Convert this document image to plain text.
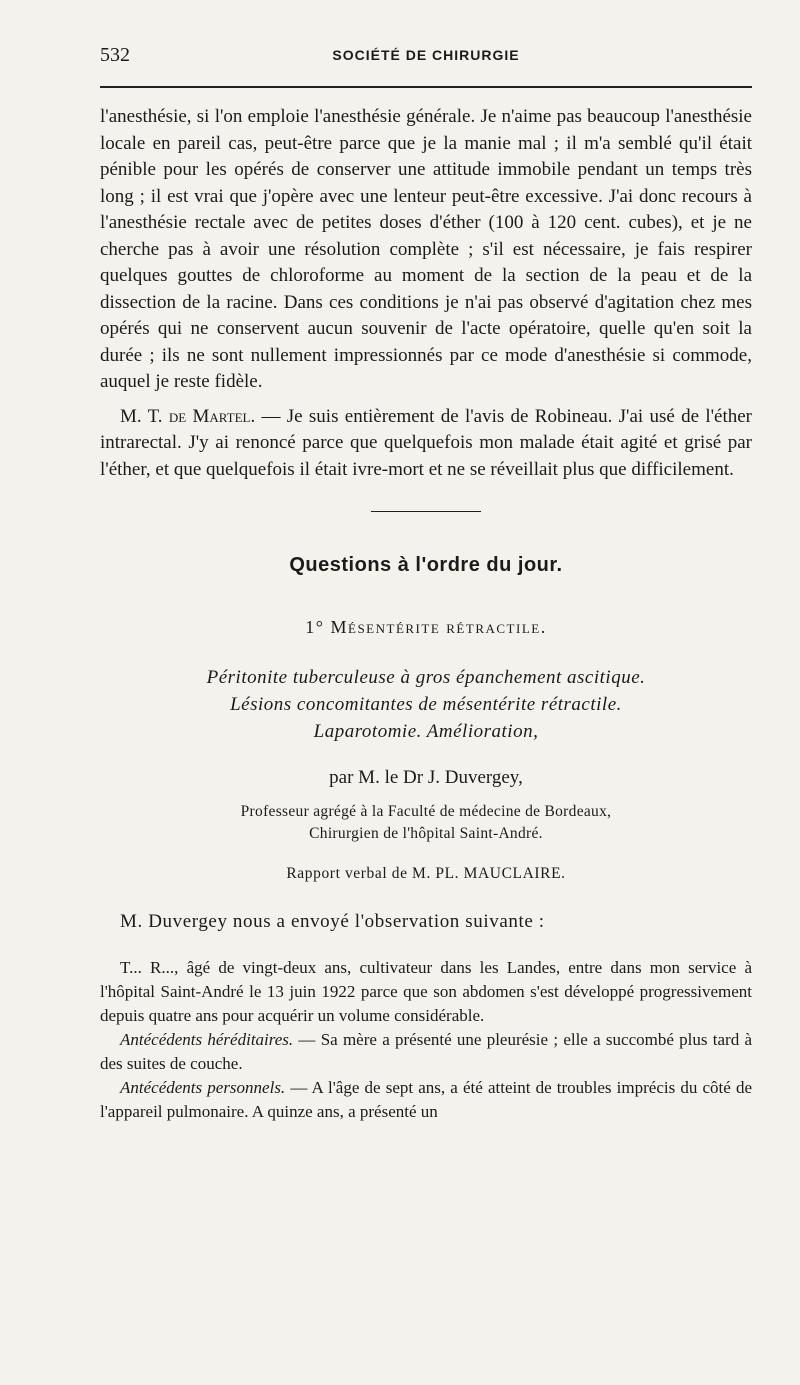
532	SOCIÉTÉ DE CHIRURGIE

l'anesthésie, si l'on emploie l'anesthésie générale. Je n'aime pas beaucoup l'anesthésie locale en pareil cas, peut-être parce que je la manie mal ; il m'a semblé qu'il était pénible pour les opérés de conserver une attitude immobile pendant un temps très long ; il est vrai que j'opère avec une lenteur peut-être excessive. J'ai donc recours à l'anesthésie rectale avec de petites doses d'éther (100 à 120 cent. cubes), et je ne cherche pas à avoir une résolution complète ; s'il est nécessaire, je fais respirer quelques gouttes de chloroforme au moment de la section de la peau et de la dissection de la racine. Dans ces conditions je n'ai pas observé d'agitation chez mes opérés qui ne conservent aucun souvenir de l'acte opératoire, quelle qu'en soit la durée ; ils ne sont nullement impressionnés par ce mode d'anesthésie si commode, auquel je reste fidèle.

M. T. de Martel. — Je suis entièrement de l'avis de Robineau. J'ai usé de l'éther intrarectal. J'y ai renoncé parce que quelquefois mon malade était agité et grisé par l'éther, et que quelquefois il était ivre-mort et ne se réveillait plus que difficilement.

Questions à l'ordre du jour.
1° Mésentérite rétractile.
Péritonite tuberculeuse à gros épanchement ascitique.
Lésions concomitantes de mésentérite rétractile.
Laparotomie. Amélioration,
par M. le Dr J. Duvergey,
Professeur agrégé à la Faculté de médecine de Bordeaux,
Chirurgien de l'hôpital Saint-André.
Rapport verbal de M. PL. MAUCLAIRE.

M. Duvergey nous a envoyé l'observation suivante :

T... R..., âgé de vingt-deux ans, cultivateur dans les Landes, entre dans mon service à l'hôpital Saint-André le 13 juin 1922 parce que son abdomen s'est développé progressivement depuis quatre ans pour acquérir un volume considérable.

Antécédents héréditaires. — Sa mère a présenté une pleurésie ; elle a succombé plus tard à des suites de couche.

Antécédents personnels. — A l'âge de sept ans, a été atteint de troubles imprécis du côté de l'appareil pulmonaire. A quinze ans, a présenté un
